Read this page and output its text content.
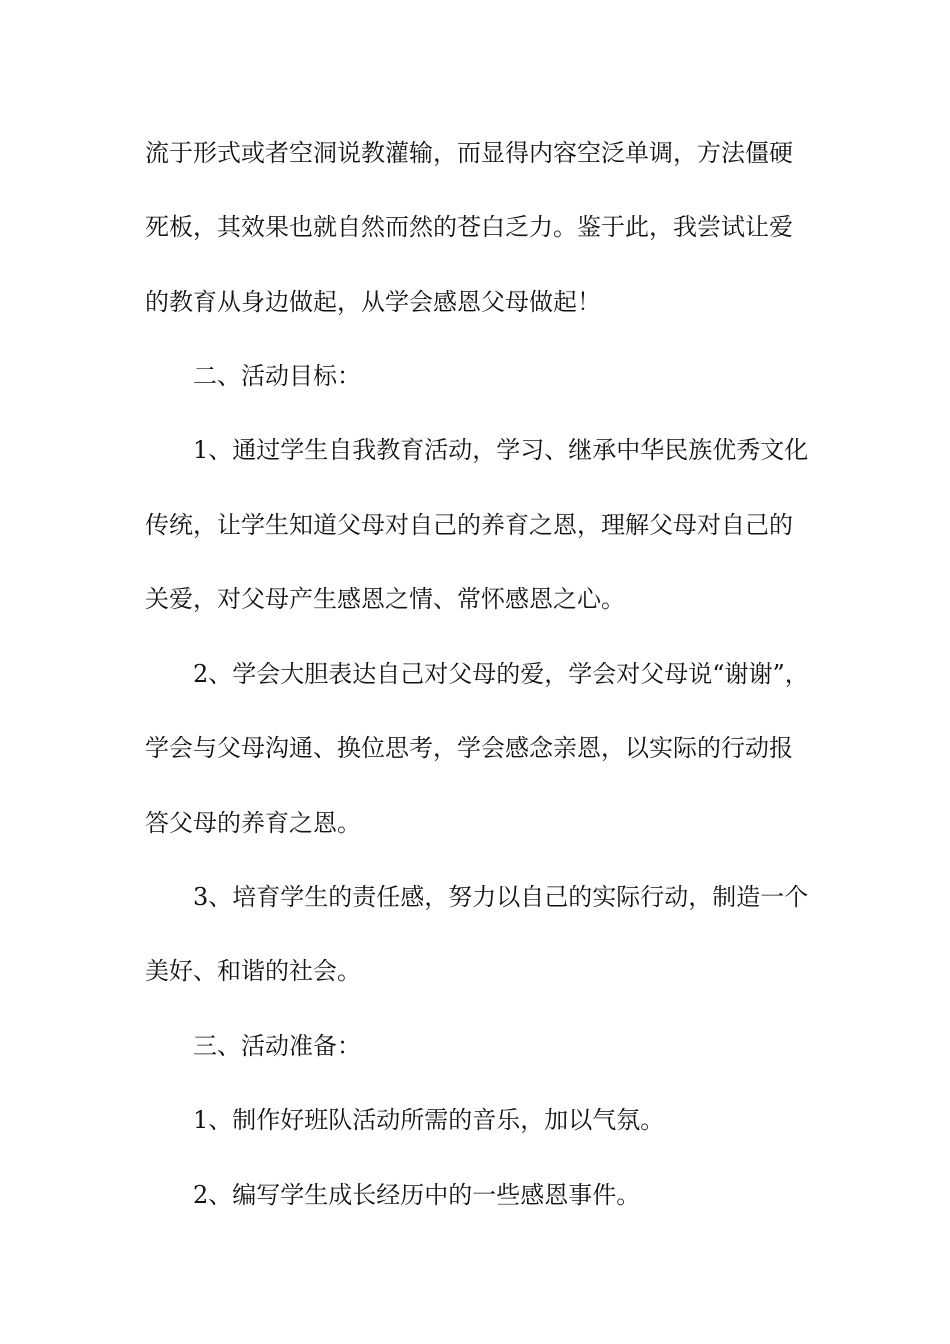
流于形式或者空洞说教灌输，而显得内容空泛单调，方法僵硬
死板，其效果也就自然而然的苍白乏力。鉴于此，我尝试让爱
的教育从身边做起，从学会感恩父母做起！
二、活动目标：
1、通过学生自我教育活动，学习、继承中华民族优秀文化
传统，让学生知道父母对自己的养育之恩，理解父母对自己的
关爱，对父母产生感恩之情、常怀感恩之心。
2、学会大胆表达自己对父母的爱，学会对父母说“谢谢”，
学会与父母沟通、换位思考，学会感念亲恩，以实际的行动报
答父母的养育之恩。
3、培育学生的责任感，努力以自己的实际行动，制造一个
美好、和谐的社会。
三、活动准备：
1、制作好班队活动所需的音乐，加以气氛。
2、编写学生成长经历中的一些感恩事件。
